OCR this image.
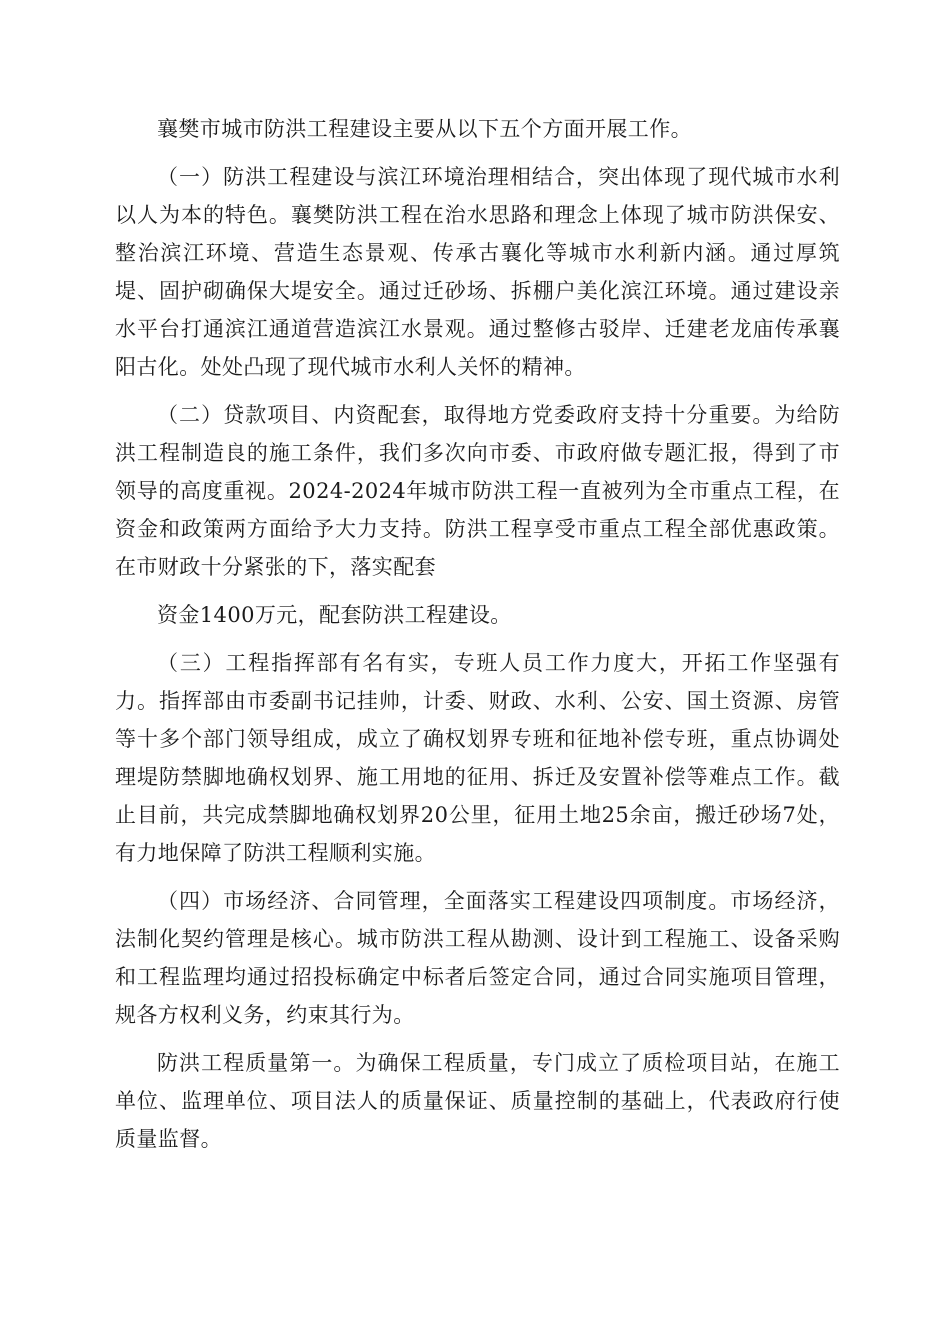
襄樊市城市防洪工程建设主要从以下五个方面开展工作。

（一）防洪工程建设与滨江环境治理相结合，突出体现了现代城市水利以人为本的特色。襄樊防洪工程在治水思路和理念上体现了城市防洪保安、整治滨江环境、营造生态景观、传承古襄化等城市水利新内涵。通过厚筑堤、固护砌确保大堤安全。通过迁砂场、拆棚户美化滨江环境。通过建设亲水平台打通滨江通道营造滨江水景观。通过整修古驳岸、迁建老龙庙传承襄阳古化。处处凸现了现代城市水利人关怀的精神。

（二）贷款项目、内资配套，取得地方党委政府支持十分重要。为给防洪工程制造良的施工条件，我们多次向市委、市政府做专题汇报，得到了市领导的高度重视。2024-2024年城市防洪工程一直被列为全市重点工程，在资金和政策两方面给予大力支持。防洪工程享受市重点工程全部优惠政策。在市财政十分紧张的下，落实配套

资金1400万元，配套防洪工程建设。

（三）工程指挥部有名有实，专班人员工作力度大，开拓工作坚强有力。指挥部由市委副书记挂帅，计委、财政、水利、公安、国土资源、房管等十多个部门领导组成，成立了确权划界专班和征地补偿专班，重点协调处理堤防禁脚地确权划界、施工用地的征用、拆迁及安置补偿等难点工作。截止目前，共完成禁脚地确权划界20公里，征用土地25余亩，搬迁砂场7处，有力地保障了防洪工程顺利实施。

（四）市场经济、合同管理，全面落实工程建设四项制度。市场经济，法制化契约管理是核心。城市防洪工程从勘测、设计到工程施工、设备采购和工程监理均通过招投标确定中标者后签定合同，通过合同实施项目管理，规各方权利义务，约束其行为。

防洪工程质量第一。为确保工程质量，专门成立了质检项目站，在施工单位、监理单位、项目法人的质量保证、质量控制的基础上，代表政府行使质量监督。
